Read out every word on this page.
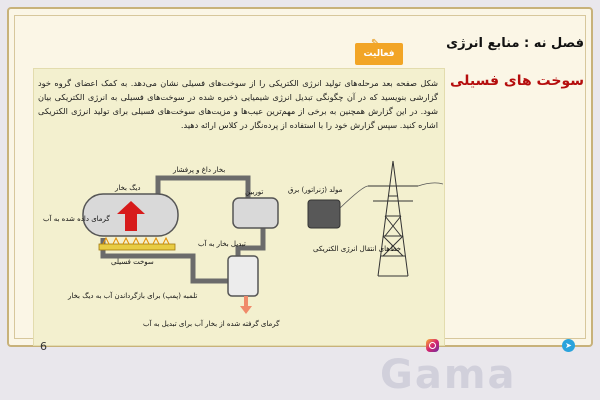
فصل نه : منابع انرژی
سوخت های فسیلی
فعالیت
شکل صفحه بعد مرحله‌های تولید انرژی الکتریکی را از سوخت‌های فسیلی نشان می‌دهد. به کمک اعضای گروه خود گزارشی بنویسید که در آن چگونگی تبدیل انرژی شیمیایی ذخیره شده در سوخت‌های فسیلی به انرژی الکتریکی بیان شود. در این گزارش همچنین به برخی از مهم‌ترین عیب‌ها و مزیت‌های سوخت‌های فسیلی برای تولید انرژی الکتریکی اشاره کنید. سپس گزارش خود را با استفاده از پرده‌نگار در کلاس ارائه دهید.
دیگ بخار
بخار داغ و پرفشار
توربین	مولد (ژنراتور) برق
خط‌های انتقال انرژی الکتریکی
گرمای داده شده به آب
سوخت فسیلی
تبدیل بخار به آب
تلمبه (پمپ) برای بازگرداندن آب به دیگ بخار
گرمای گرفته شده از بخار آب برای تبدیل به آب
6	➤
Gama
